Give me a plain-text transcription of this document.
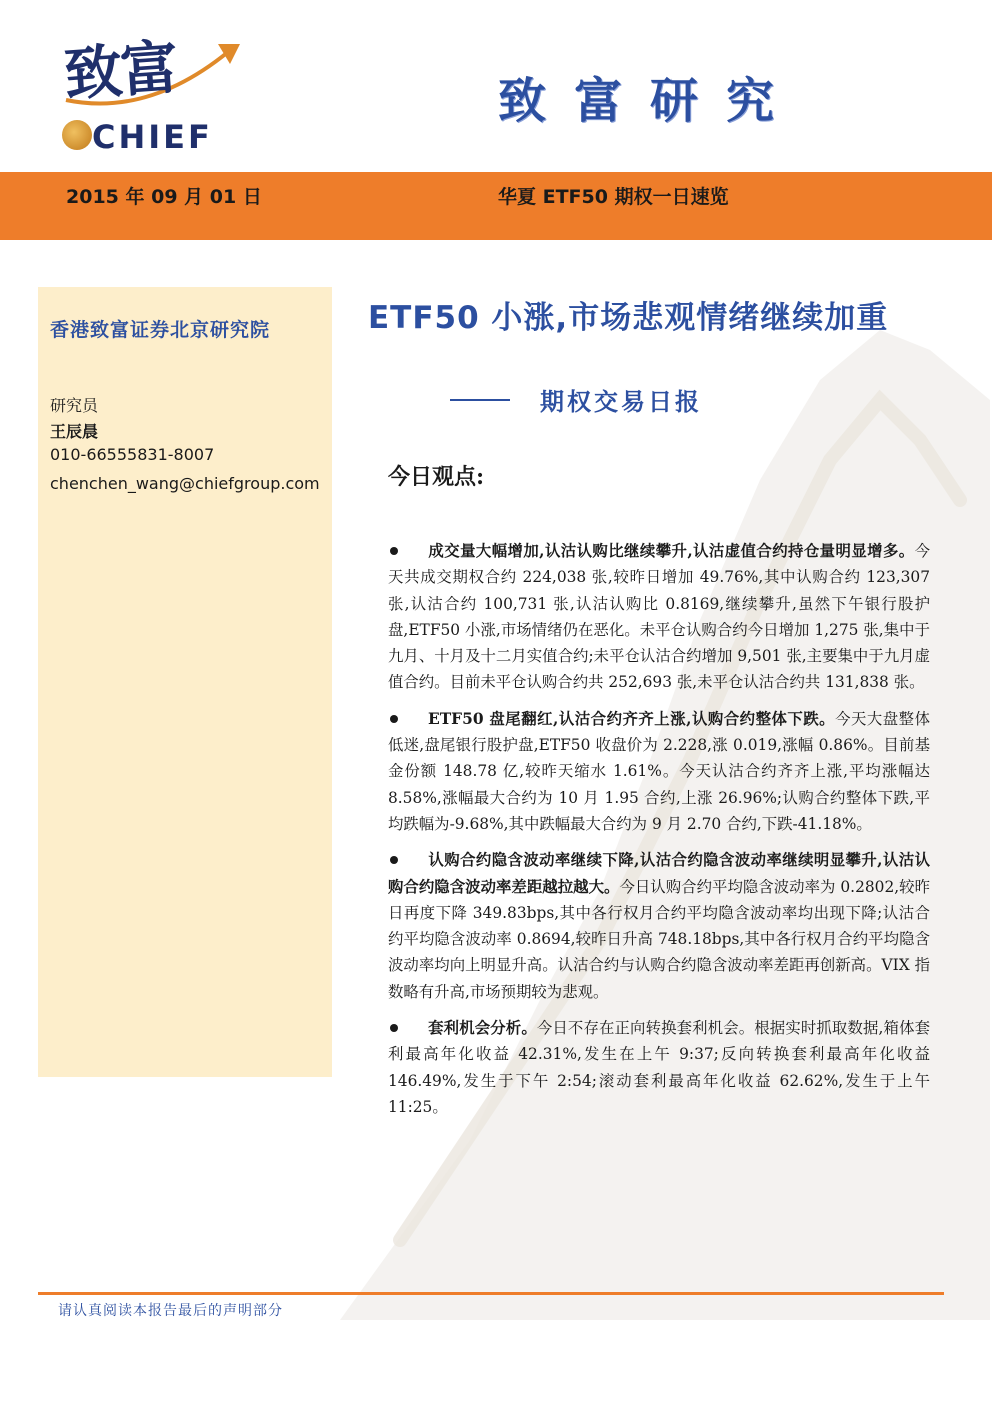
致富
CHIEF
致富研究
2015 年 09 月 01 日	华夏 ETF50 期权一日速览
香港致富证券北京研究院
研究员
王辰晨
010-66555831-8007
chenchen_wang@chiefgroup.com
ETF50 小涨,市场悲观情绪继续加重
期权交易日报
今日观点:

成交量大幅增加,认沽认购比继续攀升,认沽虚值合约持仓量明显增多。今天共成交期权合约 224,038 张,较昨日增加 49.76%,其中认购合约 123,307 张,认沽合约 100,731 张,认沽认购比 0.8169,继续攀升,虽然下午银行股护盘,ETF50 小涨,市场情绪仍在恶化。未平仓认购合约今日增加 1,275 张,集中于九月、十月及十二月实值合约;未平仓认沽合约增加 9,501 张,主要集中于九月虚值合约。目前未平仓认购合约共 252,693 张,未平仓认沽合约共 131,838 张。

ETF50 盘尾翻红,认沽合约齐齐上涨,认购合约整体下跌。今天大盘整体低迷,盘尾银行股护盘,ETF50 收盘价为 2.228,涨 0.019,涨幅 0.86%。目前基金份额 148.78 亿,较昨天缩水 1.61%。今天认沽合约齐齐上涨,平均涨幅达 8.58%,涨幅最大合约为 10 月 1.95 合约,上涨 26.96%;认购合约整体下跌,平均跌幅为-9.68%,其中跌幅最大合约为 9 月 2.70 合约,下跌-41.18%。

认购合约隐含波动率继续下降,认沽合约隐含波动率继续明显攀升,认沽认购合约隐含波动率差距越拉越大。今日认购合约平均隐含波动率为 0.2802,较昨日再度下降 349.83bps,其中各行权月合约平均隐含波动率均出现下降;认沽合约平均隐含波动率 0.8694,较昨日升高 748.18bps,其中各行权月合约平均隐含波动率均向上明显升高。认沽合约与认购合约隐含波动率差距再创新高。VIX 指数略有升高,市场预期较为悲观。

套利机会分析。今日不存在正向转换套利机会。根据实时抓取数据,箱体套利最高年化收益 42.31%,发生在上午 9:37;反向转换套利最高年化收益 146.49%,发生于下午 2:54;滚动套利最高年化收益 62.62%,发生于上午 11:25。

请认真阅读本报告最后的声明部分
